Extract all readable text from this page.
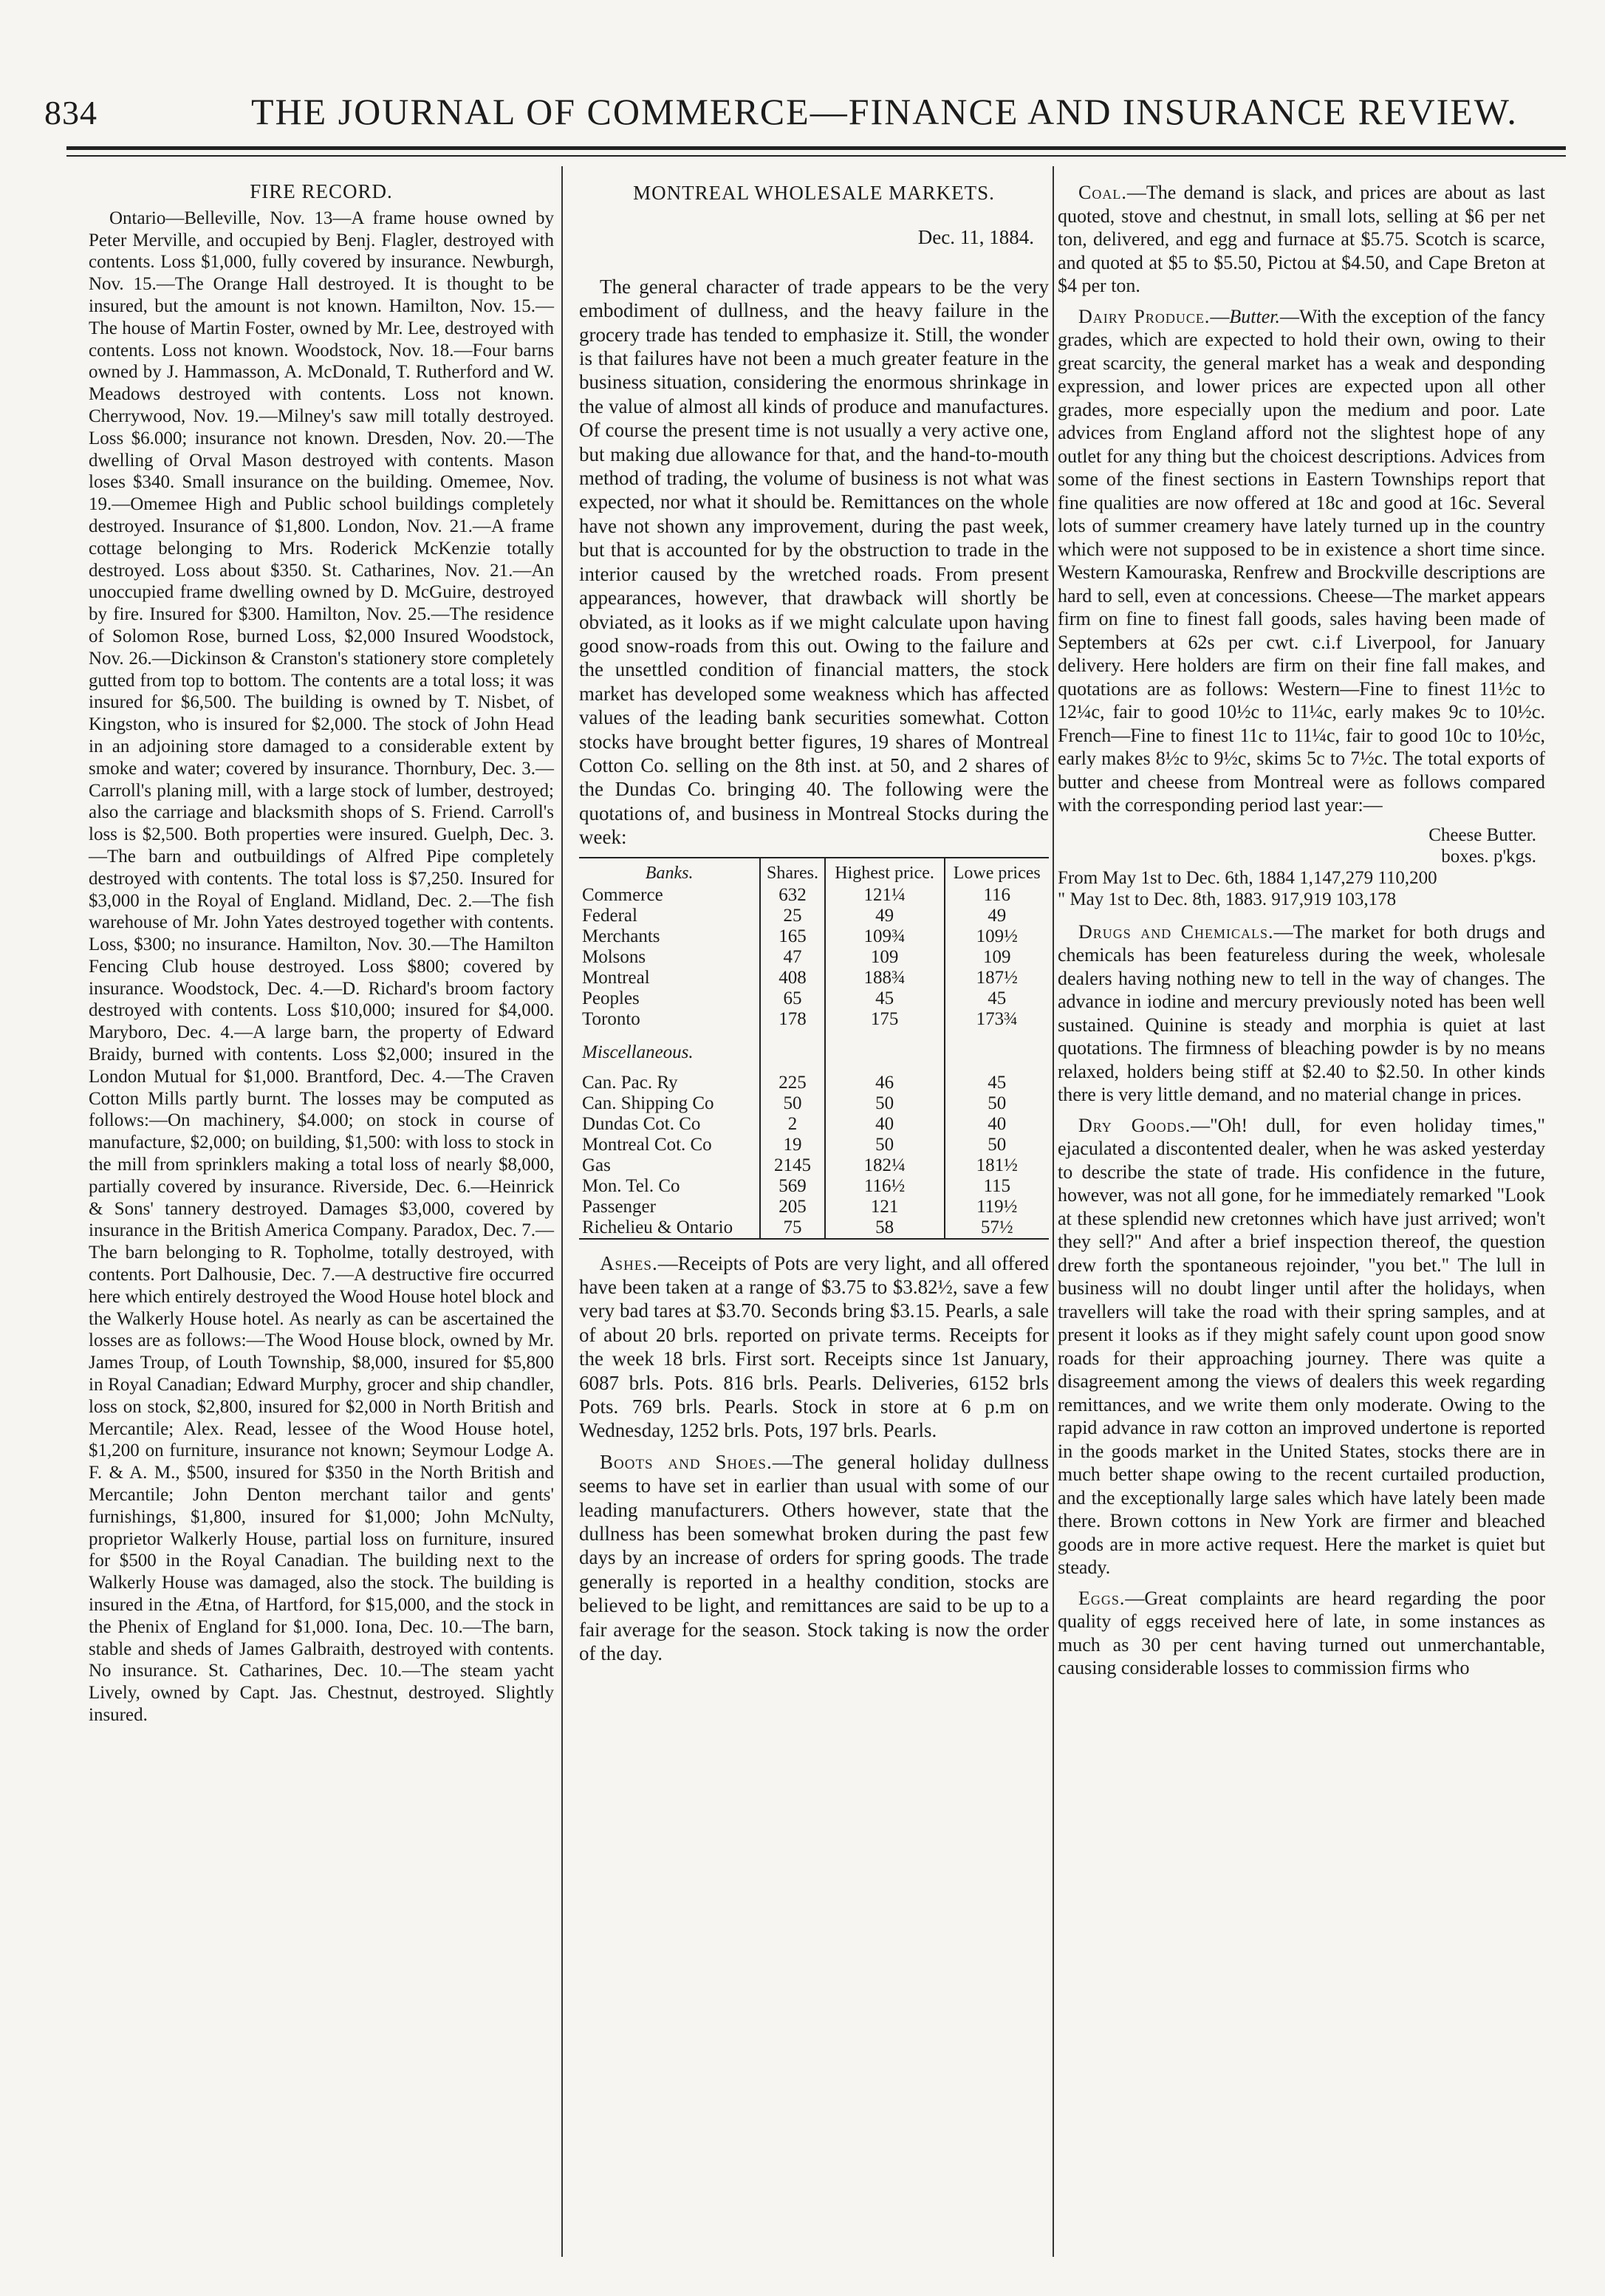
834	THE JOURNAL OF COMMERCE—FINANCE AND INSURANCE REVIEW.
FIRE RECORD.

Ontario—Belleville, Nov. 13—A frame house owned by Peter Merville, and occupied by Benj. Flagler, destroyed with contents. Loss $1,000, fully covered by insurance. Newburgh, Nov. 15.—The Orange Hall destroyed. It is thought to be insured, but the amount is not known. Hamilton, Nov. 15.—The house of Martin Foster, owned by Mr. Lee, destroyed with contents. Loss not known. Woodstock, Nov. 18.—Four barns owned by J. Hammasson, A. McDonald, T. Rutherford and W. Meadows destroyed with contents. Loss not known. Cherrywood, Nov. 19.—Milney's saw mill totally destroyed. Loss $6.000; insurance not known. Dresden, Nov. 20.—The dwelling of Orval Mason destroyed with contents. Mason loses $340. Small insurance on the building. Omemee, Nov. 19.—Omemee High and Public school buildings completely destroyed. Insurance of $1,800. London, Nov. 21.—A frame cottage belonging to Mrs. Roderick McKenzie totally destroyed. Loss about $350. St. Catharines, Nov. 21.—An unoccupied frame dwelling owned by D. McGuire, destroyed by fire. Insured for $300. Hamilton, Nov. 25.—The residence of Solomon Rose, burned Loss, $2,000 Insured Woodstock, Nov. 26.—Dickinson & Cranston's stationery store completely gutted from top to bottom. The contents are a total loss; it was insured for $6,500. The building is owned by T. Nisbet, of Kingston, who is insured for $2,000. The stock of John Head in an adjoining store damaged to a considerable extent by smoke and water; covered by insurance. Thornbury, Dec. 3.—Carroll's planing mill, with a large stock of lumber, destroyed; also the carriage and blacksmith shops of S. Friend. Carroll's loss is $2,500. Both properties were insured. Guelph, Dec. 3.—The barn and outbuildings of Alfred Pipe completely destroyed with contents. The total loss is $7,250. Insured for $3,000 in the Royal of England. Midland, Dec. 2.—The fish warehouse of Mr. John Yates destroyed together with contents. Loss, $300; no insurance. Hamilton, Nov. 30.—The Hamilton Fencing Club house destroyed. Loss $800; covered by insurance. Woodstock, Dec. 4.—D. Richard's broom factory destroyed with contents. Loss $10,000; insured for $4,000. Maryboro, Dec. 4.—A large barn, the property of Edward Braidy, burned with contents. Loss $2,000; insured in the London Mutual for $1,000. Brantford, Dec. 4.—The Craven Cotton Mills partly burnt. The losses may be computed as follows:—On machinery, $4.000; on stock in course of manufacture, $2,000; on building, $1,500: with loss to stock in the mill from sprinklers making a total loss of nearly $8,000, partially covered by insurance. Riverside, Dec. 6.—Heinrick & Sons' tannery destroyed. Damages $3,000, covered by insurance in the British America Company. Paradox, Dec. 7.—The barn belonging to R. Topholme, totally destroyed, with contents. Port Dalhousie, Dec. 7.—A destructive fire occurred here which entirely destroyed the Wood House hotel block and the Walkerly House hotel. As nearly as can be ascertained the losses are as follows:—The Wood House block, owned by Mr. James Troup, of Louth Township, $8,000, insured for $5,800 in Royal Canadian; Edward Murphy, grocer and ship chandler, loss on stock, $2,800, insured for $2,000 in North British and Mercantile; Alex. Read, lessee of the Wood House hotel, $1,200 on furniture, insurance not known; Seymour Lodge A. F. & A. M., $500, insured for $350 in the North British and Mercantile; John Denton merchant tailor and gents' furnishings, $1,800, insured for $1,000; John McNulty, proprietor Walkerly House, partial loss on furniture, insured for $500 in the Royal Canadian. The building next to the Walkerly House was damaged, also the stock. The building is insured in the Ætna, of Hartford, for $15,000, and the stock in the Phenix of England for $1,000. Iona, Dec. 10.—The barn, stable and sheds of James Galbraith, destroyed with contents. No insurance. St. Catharines, Dec. 10.—The steam yacht Lively, owned by Capt. Jas. Chestnut, destroyed. Slightly insured.

MONTREAL WHOLESALE MARKETS.

Dec. 11, 1884.

The general character of trade appears to be the very embodiment of dullness, and the heavy failure in the grocery trade has tended to emphasize it. Still, the wonder is that failures have not been a much greater feature in the business situation, considering the enormous shrinkage in the value of almost all kinds of produce and manufactures. Of course the present time is not usually a very active one, but making due allowance for that, and the hand-to-mouth method of trading, the volume of business is not what was expected, nor what it should be. Remittances on the whole have not shown any improvement, during the past week, but that is accounted for by the obstruction to trade in the interior caused by the wretched roads. From present appearances, however, that drawback will shortly be obviated, as it looks as if we might calculate upon having good snow-roads from this out. Owing to the failure and the unsettled condition of financial matters, the stock market has developed some weakness which has affected values of the leading bank securities somewhat. Cotton stocks have brought better figures, 19 shares of Montreal Cotton Co. selling on the 8th inst. at 50, and 2 shares of the Dundas Co. bringing 40. The following were the quotations of, and business in Montreal Stocks during the week:

Banks.	Shares.	Highest price.	Lowe prices
Commerce	632	121¼	116
Federal	25	49	49
Merchants	165	109¾	109½
Molsons	47	109	109
Montreal	408	188¾	187½
Peoples	65	45	45
Toronto	178	175	173¾
Miscellaneous.			
Can. Pac. Ry	225	46	45
Can. Shipping Co	50	50	50
Dundas Cot. Co	2	40	40
Montreal Cot. Co	19	50	50
Gas	2145	182¼	181½
Mon. Tel. Co	569	116½	115
Passenger	205	121	119½
Richelieu & Ontario	75	58	57½

Ashes.—Receipts of Pots are very light, and all offered have been taken at a range of $3.75 to $3.82½, save a few very bad tares at $3.70. Seconds bring $3.15. Pearls, a sale of about 20 brls. reported on private terms. Receipts for the week 18 brls. First sort. Receipts since 1st January, 6087 brls. Pots. 816 brls. Pearls. Deliveries, 6152 brls Pots. 769 brls. Pearls. Stock in store at 6 p.m on Wednesday, 1252 brls. Pots, 197 brls. Pearls.

Boots and Shoes.—The general holiday dullness seems to have set in earlier than usual with some of our leading manufacturers. Others however, state that the dullness has been somewhat broken during the past few days by an increase of orders for spring goods. The trade generally is reported in a healthy condition, stocks are believed to be light, and remittances are said to be up to a fair average for the season. Stock taking is now the order of the day.

Coal.—The demand is slack, and prices are about as last quoted, stove and chestnut, in small lots, selling at $6 per net ton, delivered, and egg and furnace at $5.75. Scotch is scarce, and quoted at $5 to $5.50, Pictou at $4.50, and Cape Breton at $4 per ton.

Dairy Produce.—Butter.—With the exception of the fancy grades, which are expected to hold their own, owing to their great scarcity, the general market has a weak and desponding expression, and lower prices are expected upon all other grades, more especially upon the medium and poor. Late advices from England afford not the slightest hope of any outlet for any thing but the choicest descriptions. Advices from some of the finest sections in Eastern Townships report that fine qualities are now offered at 18c and good at 16c. Several lots of summer creamery have lately turned up in the country which were not supposed to be in existence a short time since. Western Kamouraska, Renfrew and Brockville descriptions are hard to sell, even at concessions. Cheese—The market appears firm on fine to finest fall goods, sales having been made of Septembers at 62s per cwt. c.i.f Liverpool, for January delivery. Here holders are firm on their fine fall makes, and quotations are as follows: Western—Fine to finest 11½c to 12¼c, fair to good 10½c to 11¼c, early makes 9c to 10½c. French—Fine to finest 11c to 11¼c, fair to good 10c to 10½c, early makes 8½c to 9½c, skims 5c to 7½c. The total exports of butter and cheese from Montreal were as follows compared with the corresponding period last year:—

Cheese Butter.
boxes. p'kgs.
From May 1st to Dec. 6th, 1884 1,147,279 110,200
" May 1st to Dec. 8th, 1883. 917,919 103,178

Drugs and Chemicals.—The market for both drugs and chemicals has been featureless during the week, wholesale dealers having nothing new to tell in the way of changes. The advance in iodine and mercury previously noted has been well sustained. Quinine is steady and morphia is quiet at last quotations. The firmness of bleaching powder is by no means relaxed, holders being stiff at $2.40 to $2.50. In other kinds there is very little demand, and no material change in prices.

Dry Goods.—"Oh! dull, for even holiday times," ejaculated a discontented dealer, when he was asked yesterday to describe the state of trade. His confidence in the future, however, was not all gone, for he immediately remarked "Look at these splendid new cretonnes which have just arrived; won't they sell?" And after a brief inspection thereof, the question drew forth the spontaneous rejoinder, "you bet." The lull in business will no doubt linger until after the holidays, when travellers will take the road with their spring samples, and at present it looks as if they might safely count upon good snow roads for their approaching journey. There was quite a disagreement among the views of dealers this week regarding remittances, and we write them only moderate. Owing to the rapid advance in raw cotton an improved undertone is reported in the goods market in the United States, stocks there are in much better shape owing to the recent curtailed production, and the exceptionally large sales which have lately been made there. Brown cottons in New York are firmer and bleached goods are in more active request. Here the market is quiet but steady.

Eggs.—Great complaints are heard regarding the poor quality of eggs received here of late, in some instances as much as 30 per cent having turned out unmerchantable, causing considerable losses to commission firms who
